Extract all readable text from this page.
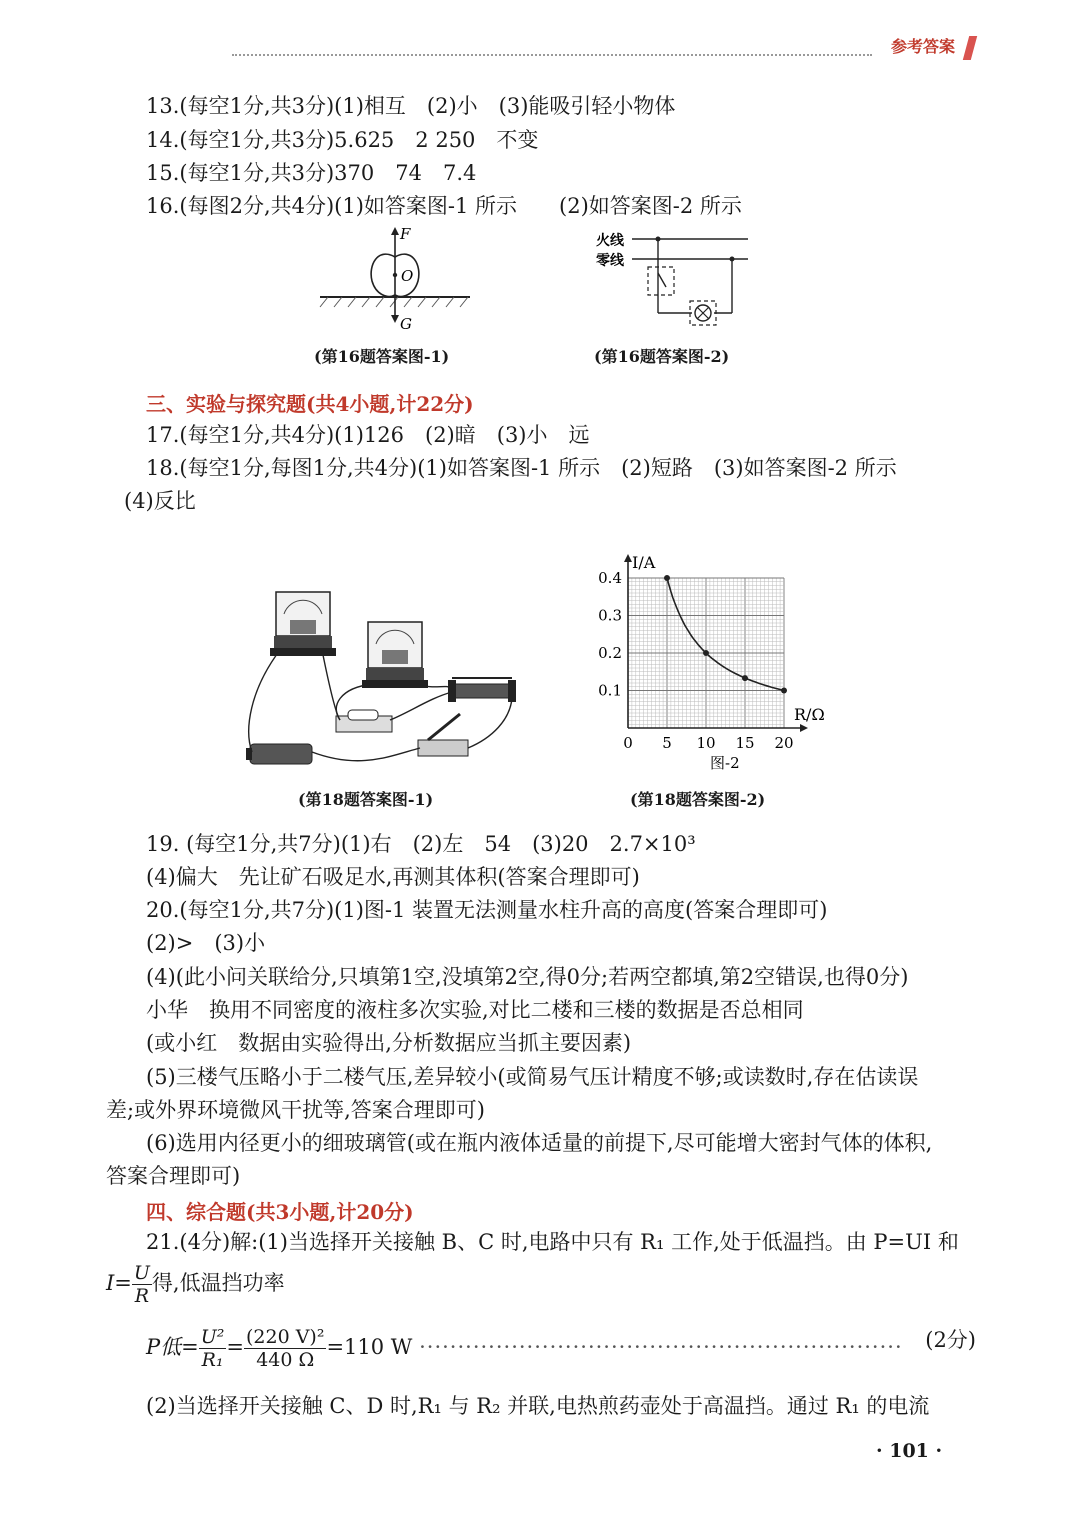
参考答案
13.(每空1分,共3分)(1)相互　(2)小　(3)能吸引轻小物体
14.(每空1分,共3分)5.625　2 250　不变
15.(每空1分,共3分)370　74　7.4
16.(每图2分,共4分)(1)如答案图-1 所示　　(2)如答案图-2 所示
F
O
G
(第16题答案图-1)
火线
零线
(第16题答案图-2)
三、实验与探究题(共4小题,计22分)
17.(每空1分,共4分)(1)126　(2)暗　(3)小　远
18.(每空1分,每图1分,共4分)(1)如答案图-1 所示　(2)短路　(3)如答案图-2 所示
(4)反比
(第18题答案图-1)
0 5 10 15 20
0.1
0.2
0.3
0.4
I/A
R/Ω
图-2
(第18题答案图-2)
19. (每空1分,共7分)(1)右　(2)左　54　(3)20　2.7×10³
(4)偏大　先让矿石吸足水,再测其体积(答案合理即可)
20.(每空1分,共7分)(1)图-1 装置无法测量水柱升高的高度(答案合理即可)
(2)>　(3)小
(4)(此小问关联给分,只填第1空,没填第2空,得0分;若两空都填,第2空错误,也得0分)
小华　换用不同密度的液柱多次实验,对比二楼和三楼的数据是否总相同
(或小红　数据由实验得出,分析数据应当抓主要因素)
(5)三楼气压略小于二楼气压,差异较小(或简易气压计精度不够;或读数时,存在估读误
差;或外界环境微风干扰等,答案合理即可)
(6)选用内径更小的细玻璃管(或在瓶内液体适量的前提下,尽可能增大密封气体的体积,
答案合理即可)
四、综合题(共3小题,计20分)
21.(4分)解:(1)当选择开关接触 B、C 时,电路中只有 R₁ 工作,处于低温挡。由 P=UI 和
$I= \frac{U}{R}$ 得,低温挡功率
P低= $\frac{\text{U²}}{\text{R₁}} = \frac{\text{(220 V)²}}{440 \Omega} =110$ W ······························································· (2分)
(2)当选择开关接触 C、D 时,R₁ 与 R₂ 并联,电热煎药壶处于高温挡。通过 R₁ 的电流
· 101 ·
